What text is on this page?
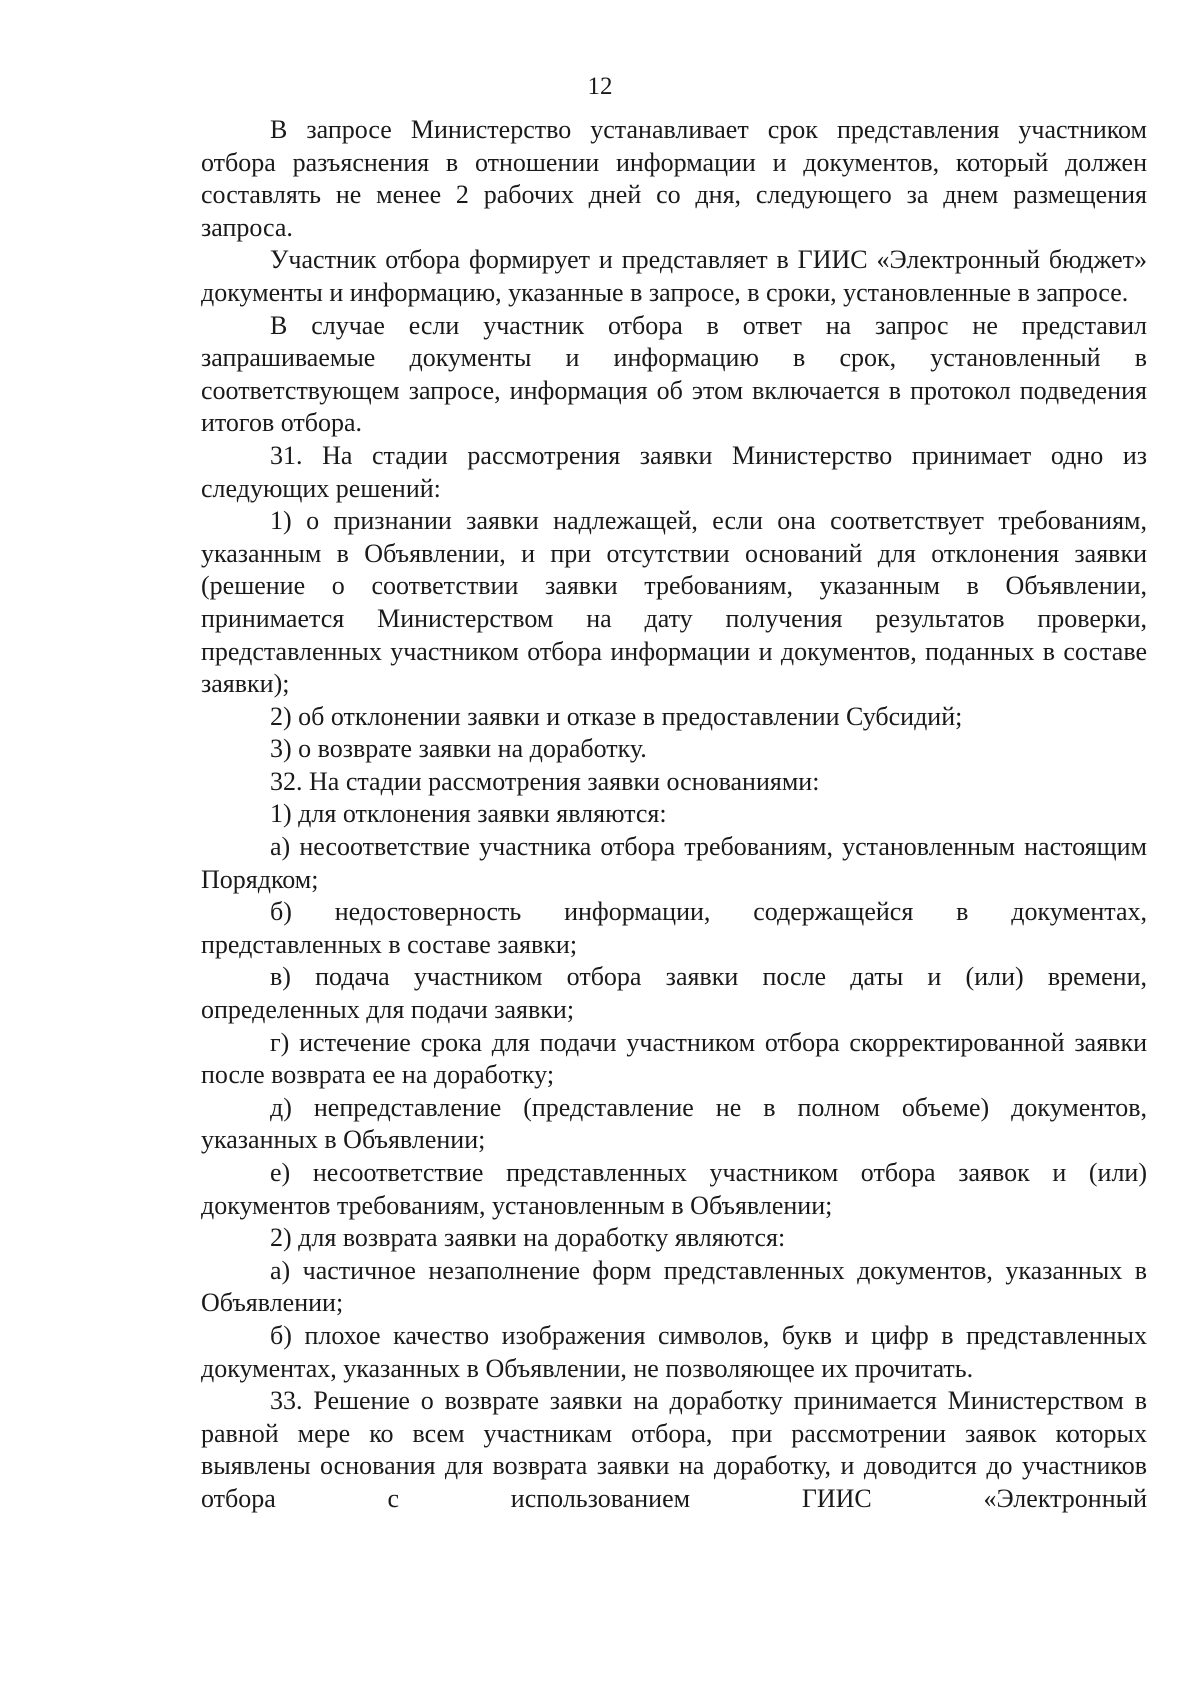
12

В запросе Министерство устанавливает срок представления участником отбора разъяснения в отношении информации и документов, который должен составлять не менее 2 рабочих дней со дня, следующего за днем размещения запроса.

Участник отбора формирует и представляет в ГИИС «Электронный бюджет» документы и информацию, указанные в запросе, в сроки, установленные в запросе.

В случае если участник отбора в ответ на запрос не представил запрашиваемые документы и информацию в срок, установленный в соответствующем запросе, информация об этом включается в протокол подведения итогов отбора.

31. На стадии рассмотрения заявки Министерство принимает одно из следующих решений:

1) о признании заявки надлежащей, если она соответствует требованиям, указанным в Объявлении, и при отсутствии оснований для отклонения заявки (решение о соответствии заявки требованиям, указанным в Объявлении, принимается Министерством на дату получения результатов проверки, представленных участником отбора информации и документов, поданных в составе заявки);

2) об отклонении заявки и отказе в предоставлении Субсидий;

3) о возврате заявки на доработку.

32. На стадии рассмотрения заявки основаниями:

1) для отклонения заявки являются:

а) несоответствие участника отбора требованиям, установленным настоящим Порядком;

б) недостоверность информации, содержащейся в документах, представленных в составе заявки;

в) подача участником отбора заявки после даты и (или) времени, определенных для подачи заявки;

г) истечение срока для подачи участником отбора скорректированной заявки после возврата ее на доработку;

д) непредставление (представление не в полном объеме) документов, указанных в Объявлении;

е) несоответствие представленных участником отбора заявок и (или) документов требованиям, установленным в Объявлении;

2) для возврата заявки на доработку являются:

а) частичное незаполнение форм представленных документов, указанных в Объявлении;

б) плохое качество изображения символов, букв и цифр в представленных документах, указанных в Объявлении, не позволяющее их прочитать.

33. Решение о возврате заявки на доработку принимается Министерством в равной мере ко всем участникам отбора, при рассмотрении заявок которых выявлены основания для возврата заявки на доработку, и доводится до участников отбора с использованием ГИИС «Электронный
